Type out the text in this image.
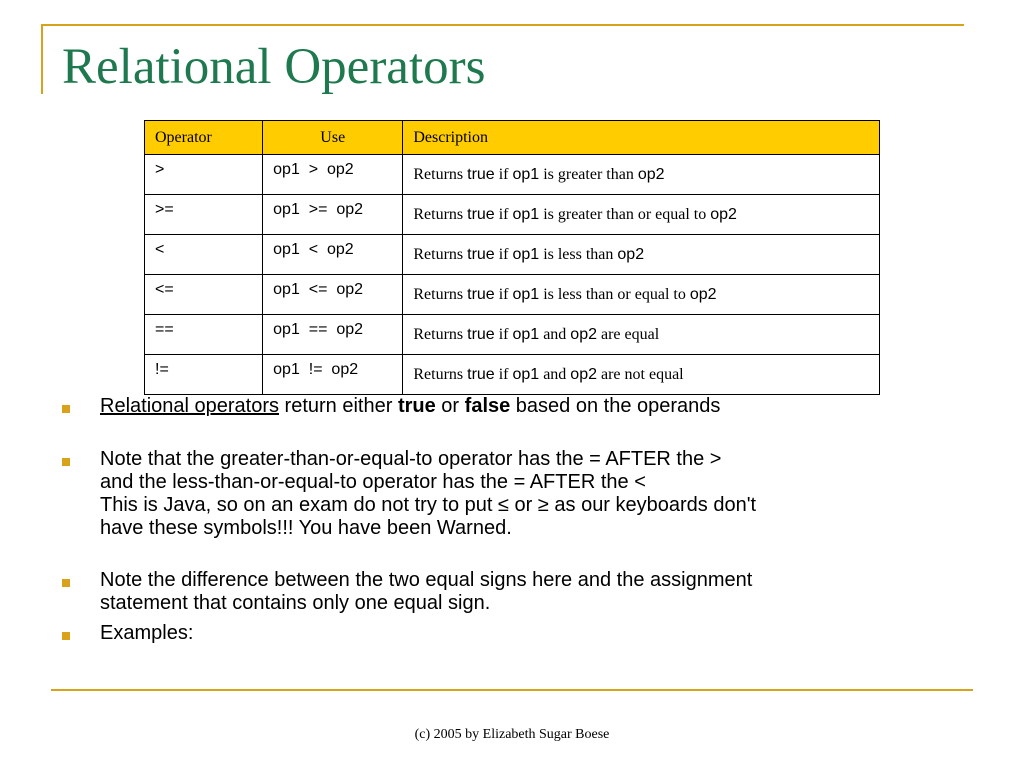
Relational Operators
Operator	Use	Description
>	op1  >  op2	Returns true if op1 is greater than op2
>=	op1  >=  op2	Returns true if op1 is greater than or equal to op2
<	op1  <  op2	Returns true if op1 is less than op2
<=	op1  <=  op2	Returns true if op1 is less than or equal to op2
==	op1  ==  op2	Returns true if op1 and op2 are equal
!=	op1  !=  op2	Returns true if op1 and op2 are not equal
Relational operators return either true or false based on the operands
Note that the greater-than-or-equal-to operator has the = AFTER the >
and the less-than-or-equal-to operator has the = AFTER the <
This is Java, so on an exam do not try to put ≤ or ≥ as our keyboards don't
have these symbols!!! You have been Warned.
Note the difference between the two equal signs here and the assignment
statement that contains only one equal sign.
Examples:
(c) 2005 by Elizabeth Sugar Boese
